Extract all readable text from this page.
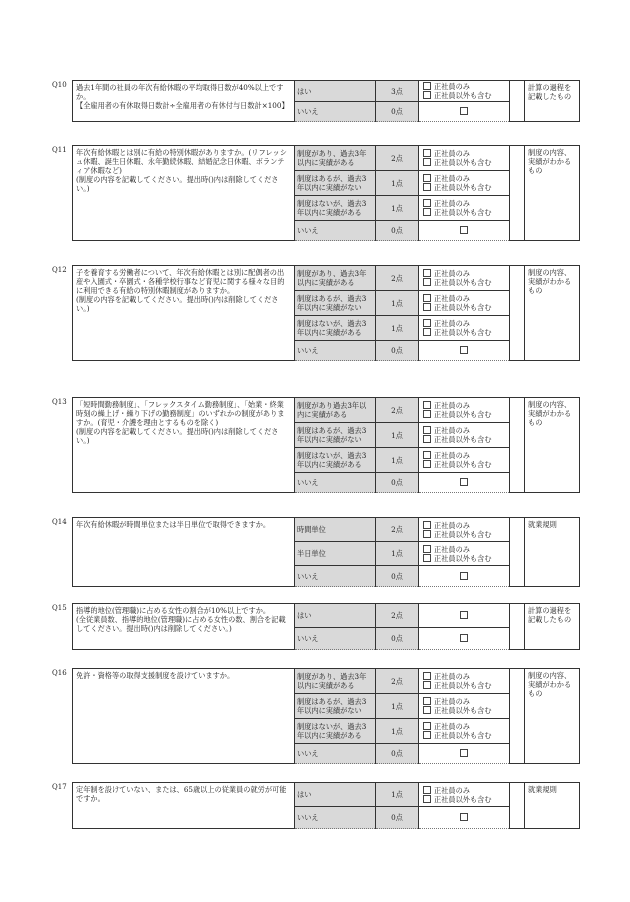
Q10 過去1年間の社員の年次有給休暇の平均取得日数が40%以上ですか。
【全雇用者の有休取得日数計÷全雇用者の有休付与日数計×100】	はい	3点	正社員のみ
正社員以外も含む		計算の過程を記載したもの
	いいえ	0点			
Q11 年次有給休暇とは別に有給の特別休暇がありますか。(リフレッシュ休暇、誕生日休暇、永年勤続休暇、結婚記念日休暇、ボランティア休暇など)
(制度の内容を記載してください。提出時()内は削除してください。)	制度があり、過去3年以内に実績がある	2点	正社員のみ
正社員以外も含む		制度の内容、実績がわかるもの
	制度はあるが、過去3年以内に実績がない	1点	正社員のみ
正社員以外も含む		

	制度はないが、過去3年以内に実績がある	1点	正社員のみ
正社員以外も含む		

	いいえ	0点			
Q12 子を養育する労働者について、年次有給休暇とは別に配偶者の出産や入園式・卒園式・各種学校行事など育児に関する様々な目的に利用できる有給の特別休暇制度がありますか。
(制度の内容を記載してください。提出時()内は削除してください。)	制度があり、過去3年以内に実績がある	2点	正社員のみ
正社員以外も含む		制度の内容、実績がわかるもの
	制度はあるが、過去3年以内に実績がない	1点	正社員のみ
正社員以外も含む		

	制度はないが、過去3年以内に実績がある	1点	正社員のみ
正社員以外も含む		

	いいえ	0点			
Q13 「短時間勤務制度」、「フレックスタイム勤務制度」、「始業・終業時刻の繰上げ・繰り下げの勤務制度」のいずれかの制度がありますか。(育児・介護を理由とするものを除く)
(制度の内容を記載してください。提出時()内は削除してください。)	制度があり過去3年以内に実績がある	2点	正社員のみ
正社員以外も含む		制度の内容、実績がわかるもの
	制度はあるが、過去3年以内に実績がない	1点	正社員のみ
正社員以外も含む		

	制度はないが、過去3年以内に実績がある	1点	正社員のみ
正社員以外も含む		

	いいえ	0点			
Q14 年次有給休暇が時間単位または半日単位で取得できますか。	時間単位	2点	正社員のみ
正社員以外も含む		就業規則
	半日単位	1点	正社員のみ
正社員以外も含む		

	いいえ	0点			
Q15 指導的地位(管理職)に占める女性の割合が10%以上ですか。
(全従業員数、指導的地位(管理職)に占める女性の数、割合を記載してください。提出時()内は削除してください。)	はい	2点			計算の過程を記載したもの
	いいえ	0点			
Q16 免許・資格等の取得支援制度を設けていますか。	制度があり、過去3年以内に実績がある	2点	正社員のみ
正社員以外も含む		制度の内容、実績がわかるもの
	制度はあるが、過去3年以内に実績がない	1点	正社員のみ
正社員以外も含む		

	制度はないが、過去3年以内に実績がある	1点	正社員のみ
正社員以外も含む		

	いいえ	0点			
Q17 定年制を設けていない、または、65歳以上の従業員の就労が可能ですか。	はい	1点	正社員のみ
正社員以外も含む		就業規則
	いいえ	0点			
